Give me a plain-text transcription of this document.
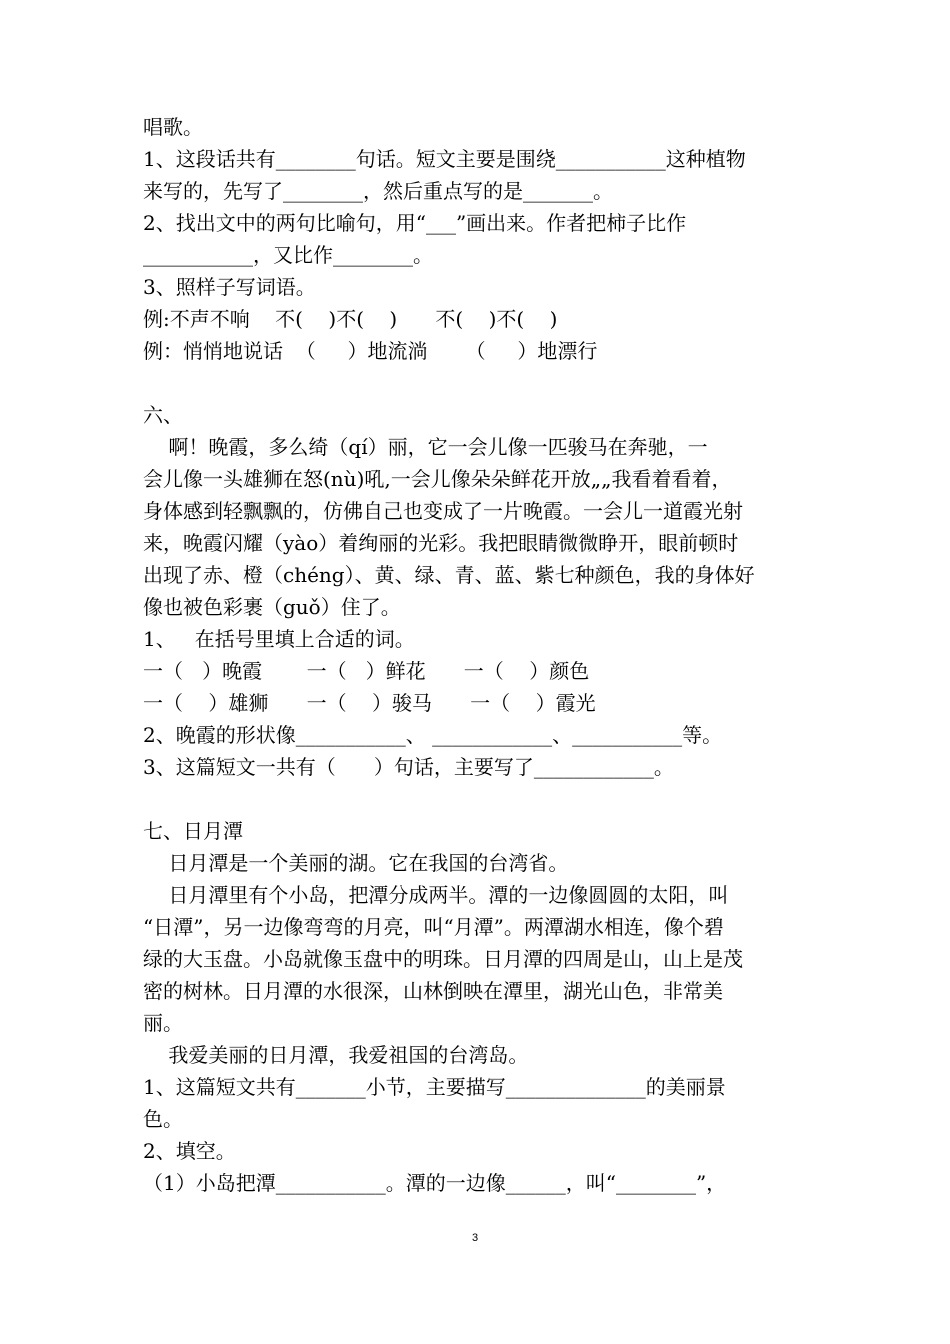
唱歌。
1、这段话共有________句话。短文主要是围绕___________这种植物
来写的，先写了________，然后重点写的是_______。
2、找出文中的两句比喻句，用“___”画出来。作者把柿子比作
___________，又比作________。
3、照样子写词语。
例:不声不响    不(    )不(    )      不(    )不(    )
例：悄悄地说话  （     ）地流淌      （     ）地漂行
六、
啊！晚霞，多么绮（qí）丽，它一会儿像一匹骏马在奔驰，一
会儿像一头雄狮在怒(nù)吼,一会儿像朵朵鲜花开放„„我看着看着，
身体感到轻飘飘的，仿佛自己也变成了一片晚霞。一会儿一道霞光射
来，晚霞闪耀（yào）着绚丽的光彩。我把眼睛微微睁开，眼前顿时
出现了赤、橙（chéng）、黄、绿、青、蓝、紫七种颜色，我的身体好
像也被色彩裹（guǒ）住了。
1、   在括号里填上合适的词。
一（   ）晚霞       一（   ）鲜花      一（    ）颜色
一（    ）雄狮      一（    ）骏马      一（    ）霞光
2、晚霞的形状像___________、 ____________、___________等。
3、这篇短文一共有（      ）句话，主要写了____________。
七、日月潭
日月潭是一个美丽的湖。它在我国的台湾省。
日月潭里有个小岛，把潭分成两半。潭的一边像圆圆的太阳，叫
“日潭”，另一边像弯弯的月亮，叫“月潭”。两潭湖水相连，像个碧
绿的大玉盘。小岛就像玉盘中的明珠。日月潭的四周是山，山上是茂
密的树林。日月潭的水很深，山林倒映在潭里，湖光山色，非常美
丽。
我爱美丽的日月潭，我爱祖国的台湾岛。
1、这篇短文共有_______小节，主要描写______________的美丽景
色。
2、填空。
（1）小岛把潭___________。潭的一边像______，叫“________”，
3
